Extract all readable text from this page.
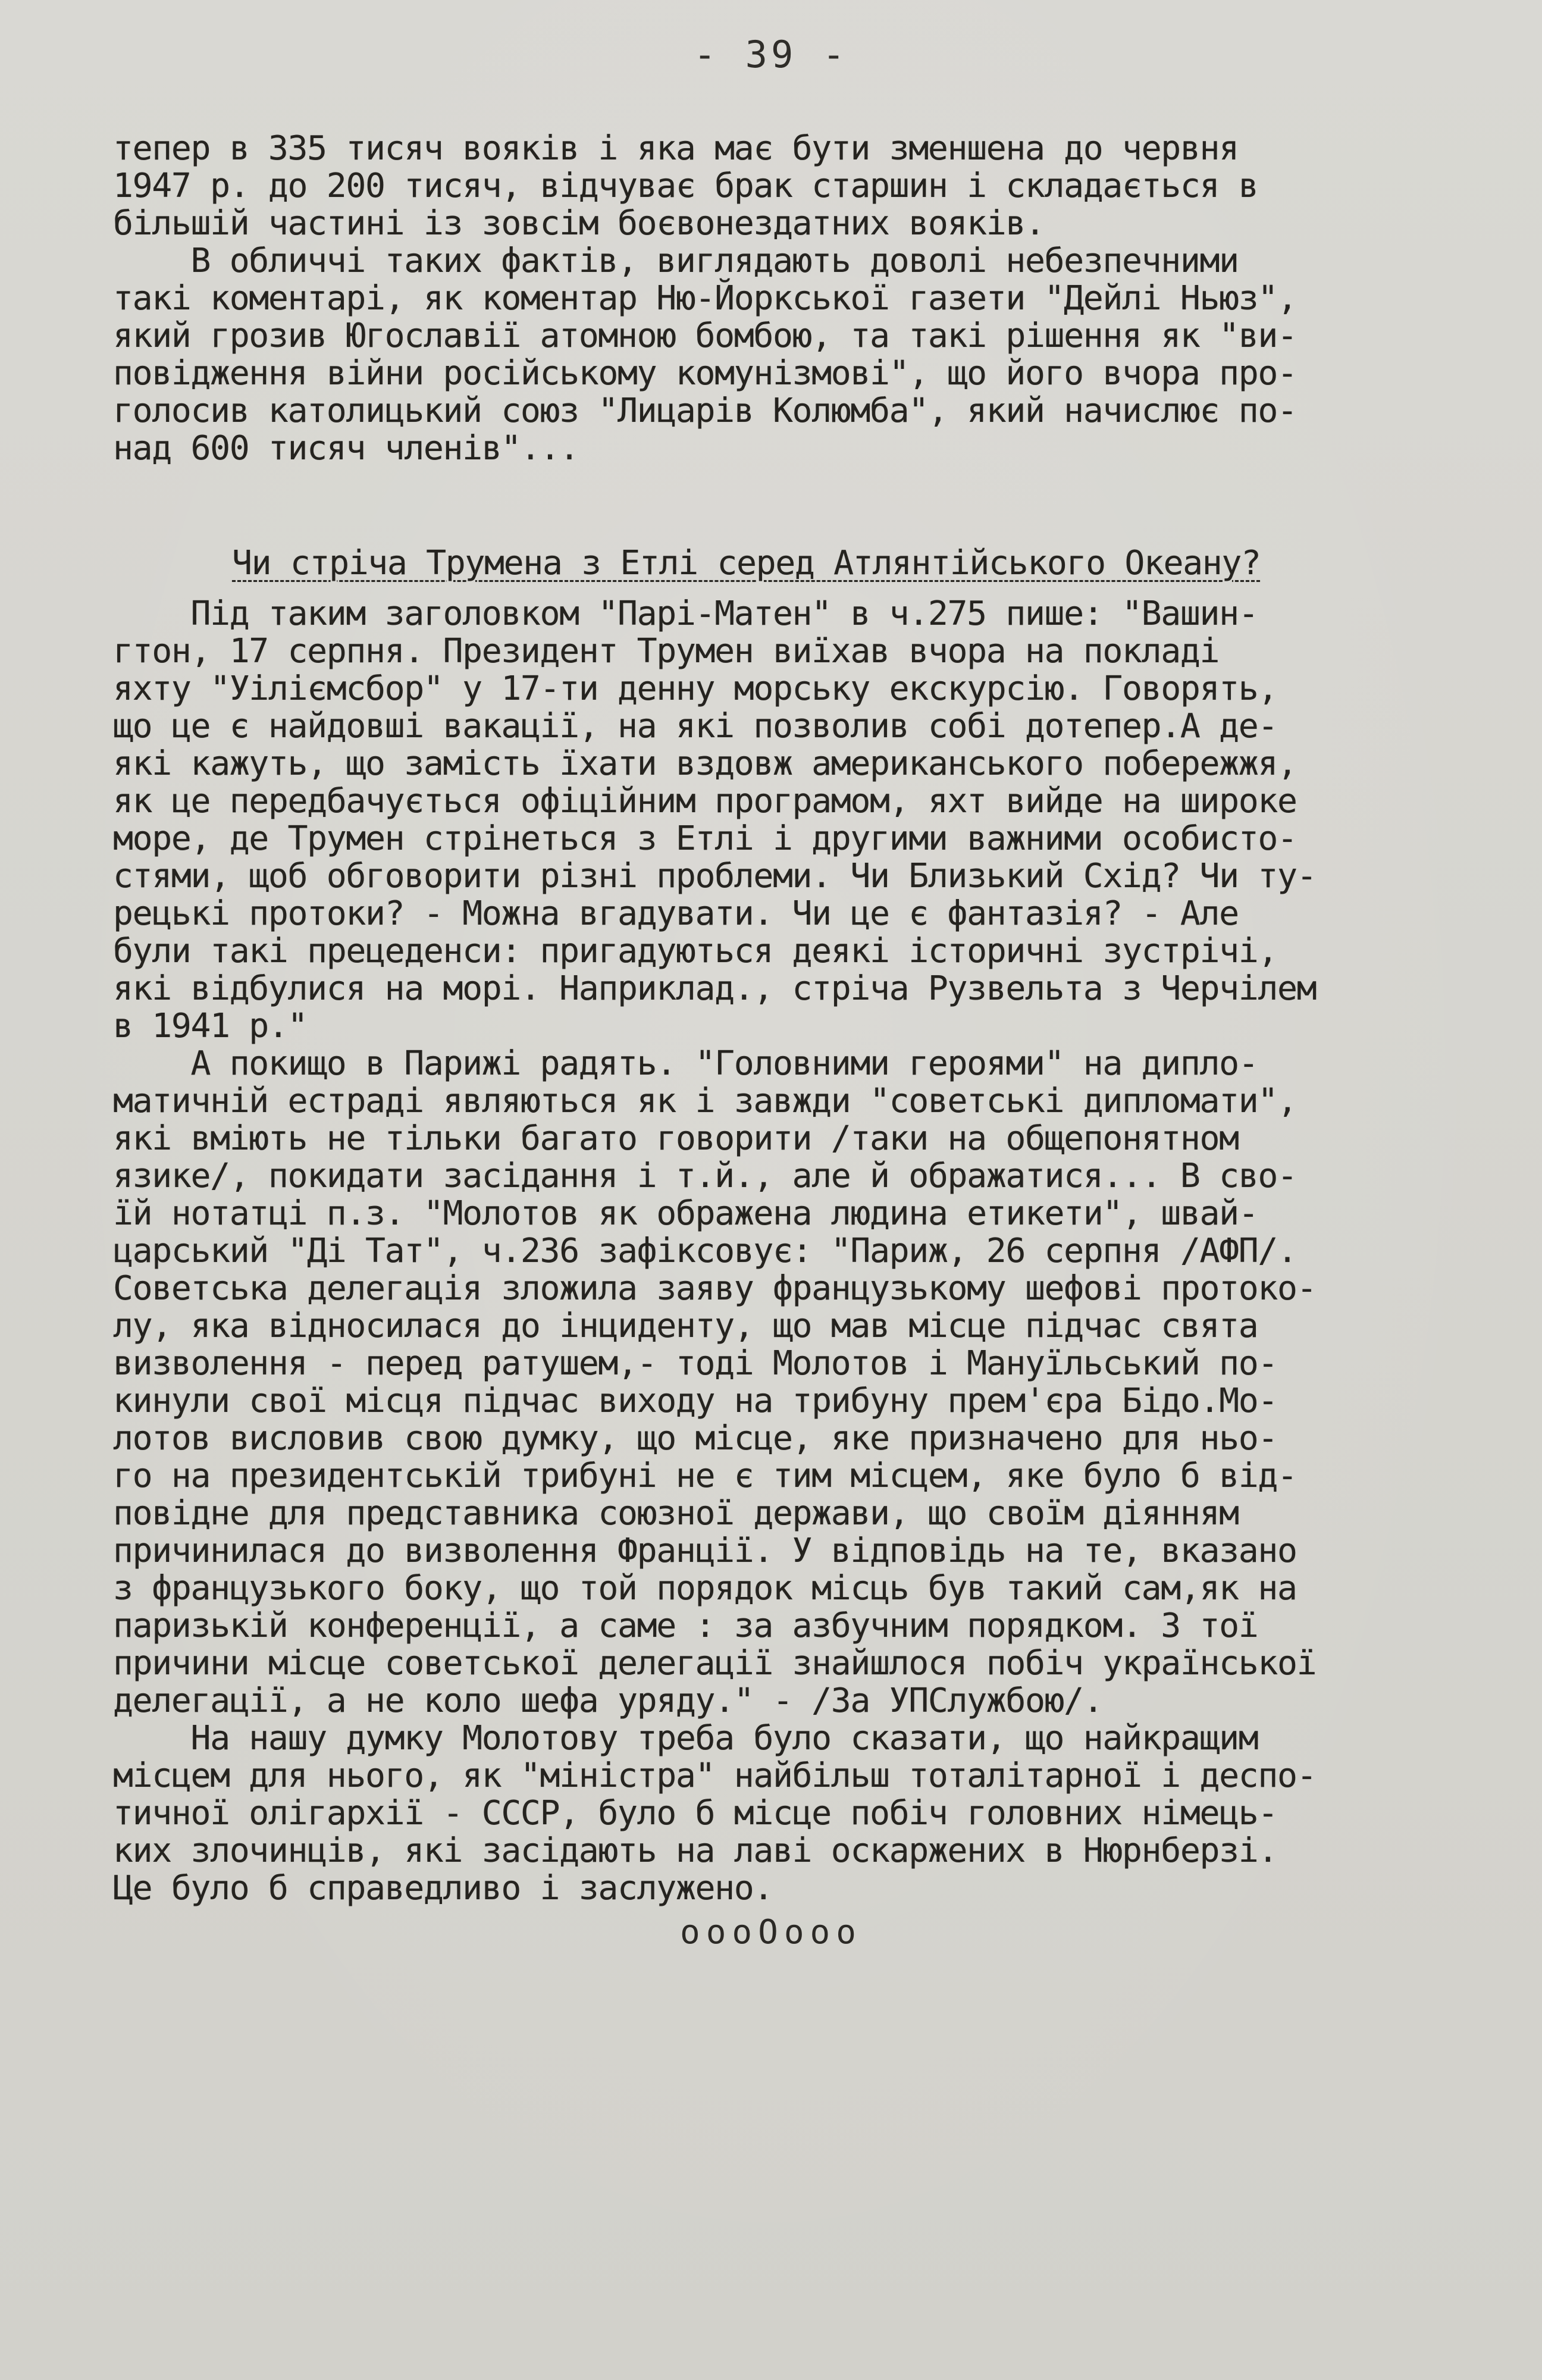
- 39 -
тепер в 335 тисяч вояків і яка має бути зменшена до червня
1947 р. до 200 тисяч, відчуває брак старшин і складається в
більшій частині із зовсім боєвонездатних вояків.
В обличчі таких фактів, виглядають доволі небезпечними
такі коментарі, як коментар Ню-Йоркської газети "Дейлі Ньюз",
який грозив Югославії атомною бомбою, та такі рішення як "ви-
повідження війни російському комунізмові", що його вчора про-
голосив католицький союз "Лицарів Колюмба", який начислює по-
над 600 тисяч членів"...
Чи стріча Трумена з Етлі серед Атлянтійського Океану?
Під таким заголовком "Парі-Матен" в ч.275 пише: "Вашин-
гтон, 17 серпня. Президент Трумен виїхав вчора на покладі
яхту "Уіліємсбор" у 17-ти денну морську екскурсію. Говорять,
що це є найдовші вакації, на які позволив собі дотепер.А де-
які кажуть, що замість їхати вздовж американського побережжя,
як це передбачується офіційним програмом, яхт вийде на широке
море, де Трумен стрінеться з Етлі і другими важними особисто-
стями, щоб обговорити різні проблеми. Чи Близький Схід? Чи ту-
рецькі протоки? - Можна вгадувати. Чи це є фантазія? - Але
були такі прецеденси: пригадуються деякі історичні зустрічі,
які відбулися на морі. Наприклад., стріча Рузвельта з Черчілем
в 1941 р."
А покищо в Парижі радять. "Головними героями" на дипло-
матичній естраді являються як і завжди "советські дипломати",
які вміють не тільки багато говорити /таки на общепонятном
язике/, покидати засідання і т.й., але й ображатися... В сво-
їй нотатці п.з. "Молотов як ображена людина етикети", швай-
царський "Ді Тат", ч.236 зафіксовує: "Париж, 26 серпня /АФП/.
Советська делегація зложила заяву французькому шефові протоко-
лу, яка відносилася до інциденту, що мав місце підчас свята
визволення - перед ратушем,- тоді Молотов і Мануїльський по-
кинули свої місця підчас виходу на трибуну прем'єра Бідо.Мо-
лотов висловив свою думку, що місце, яке призначено для ньо-
го на президентській трибуні не є тим місцем, яке було б від-
повідне для представника союзної держави, що своїм діянням
причинилася до визволення Франції. У відповідь на те, вказано
з французького боку, що той порядок місць був такий сам,як на
паризькій конференції, а саме : за азбучним порядком. З тої
причини місце советської делегації знайшлося побіч української
делегації, а не коло шефа уряду." - /За УПСлужбою/.
На нашу думку Молотову треба було сказати, що найкращим
місцем для нього, як "міністра" найбільш тоталітарної і деспо-
тичної олігархії - СССР, було б місце побіч головних німець-
ких злочинців, які засідають на лаві оскаржених в Нюрнберзі.
Це було б справедливо і заслужено.
oooOooo
